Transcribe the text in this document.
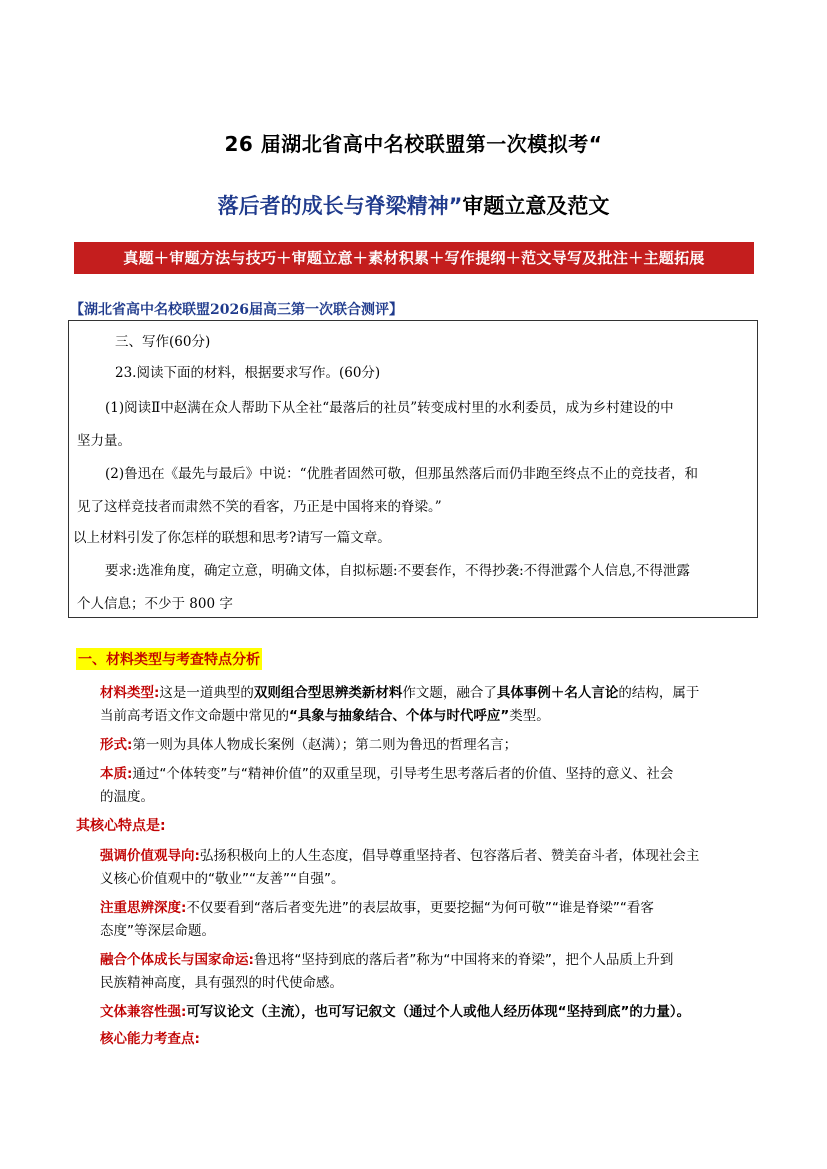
26 届湖北省高中名校联盟第一次模拟考“
落后者的成长与脊梁精神”审题立意及范文
真题＋审题方法与技巧＋审题立意＋素材积累＋写作提纲＋范文导写及批注＋主题拓展
【湖北省高中名校联盟2026届高三第一次联合测评】
三、写作(60分)
23.阅读下面的材料，根据要求写作。(60分)
(1)阅读Ⅱ中赵满在众人帮助下从全社“最落后的社员”转变成村里的水利委员，成为乡村建设的中
坚力量。
(2)鲁迅在《最先与最后》中说：“优胜者固然可敬，但那虽然落后而仍非跑至终点不止的竞技者，和
见了这样竞技者而肃然不笑的看客，乃正是中国将来的脊梁。”
以上材料引发了你怎样的联想和思考?请写一篇文章。
要求:选准角度，确定立意，明确文体，自拟标题:不要套作，不得抄袭:不得泄露个人信息,不得泄露
个人信息；不少于 800 字
一、材料类型与考查特点分析
材料类型:这是一道典型的双则组合型思辨类新材料作文题，融合了具体事例＋名人言论的结构，属于
当前高考语文作文命题中常见的“具象与抽象结合、个体与时代呼应”类型。
形式:第一则为具体人物成长案例（赵满）；第二则为鲁迅的哲理名言；
本质:通过“个体转变”与“精神价值”的双重呈现，引导考生思考落后者的价值、坚持的意义、社会
的温度。
其核心特点是:
强调价值观导向:弘扬积极向上的人生态度，倡导尊重坚持者、包容落后者、赞美奋斗者，体现社会主
义核心价值观中的“敬业”“友善”“自强”。
注重思辨深度:不仅要看到“落后者变先进”的表层故事，更要挖掘“为何可敬”“谁是脊梁”“看客
态度”等深层命题。
融合个体成长与国家命运:鲁迅将“坚持到底的落后者”称为“中国将来的脊梁”，把个人品质上升到
民族精神高度，具有强烈的时代使命感。
文体兼容性强:可写议论文（主流），也可写记叙文（通过个人或他人经历体现“坚持到底”的力量）。
核心能力考查点:
